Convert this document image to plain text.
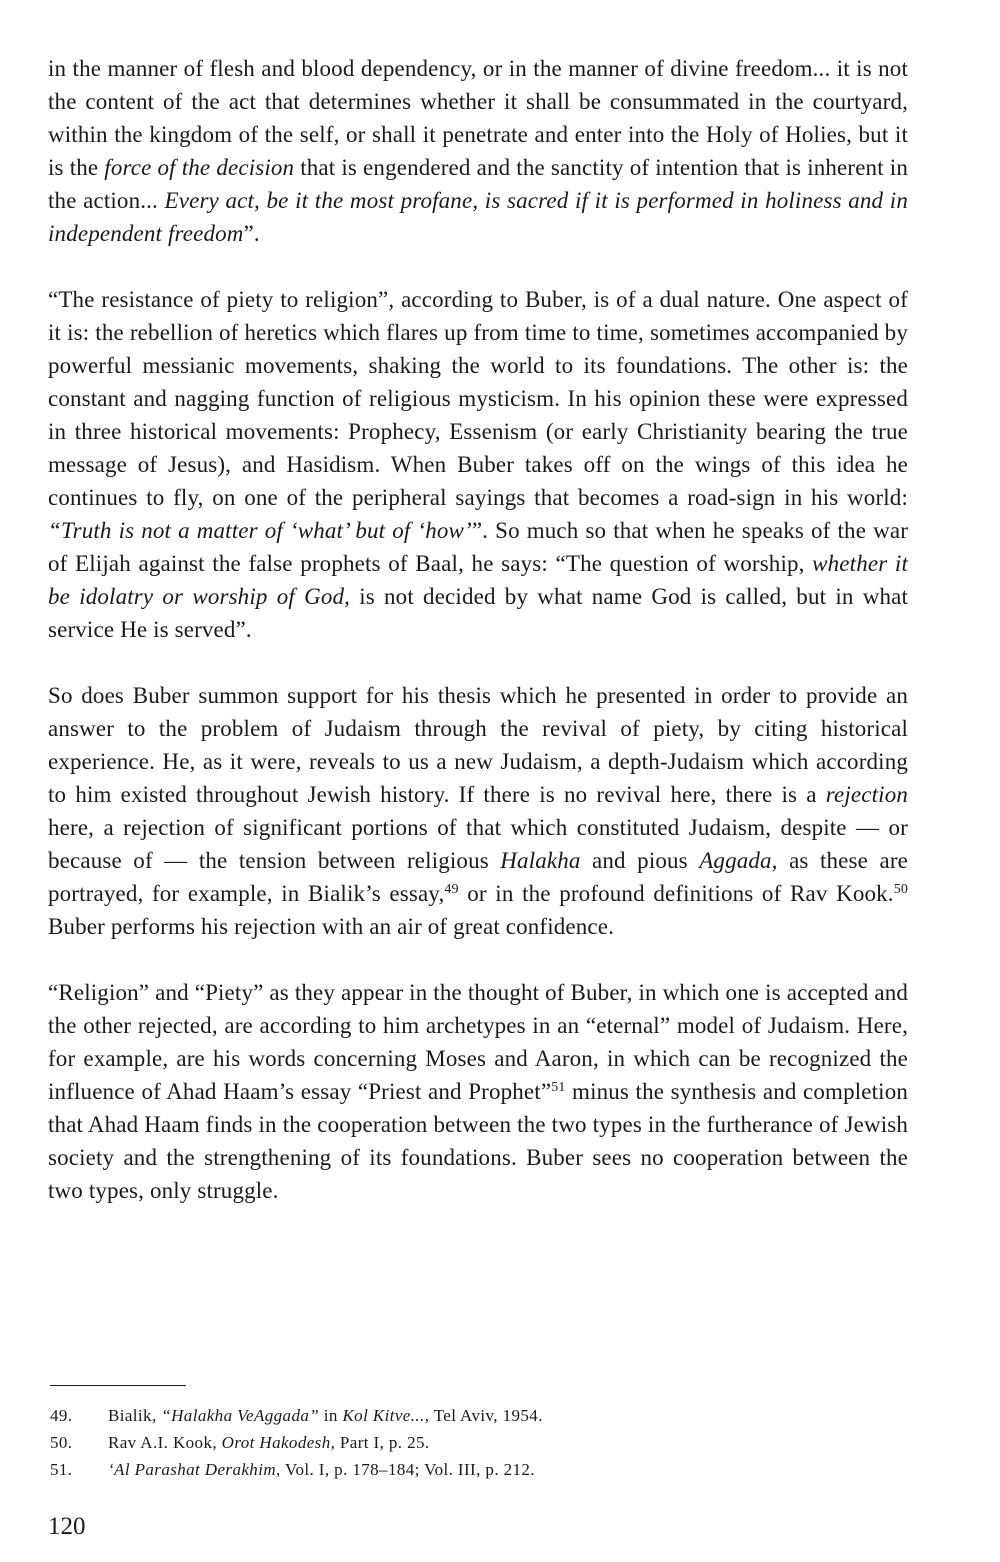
in the manner of flesh and blood dependency, or in the manner of divine freedom... it is not the content of the act that determines whether it shall be consummated in the courtyard, within the kingdom of the self, or shall it penetrate and enter into the Holy of Holies, but it is the force of the decision that is engendered and the sanctity of intention that is inherent in the action... Every act, be it the most profane, is sacred if it is performed in holiness and in independent freedom”.

“The resistance of piety to religion”, according to Buber, is of a dual nature. One aspect of it is: the rebellion of heretics which flares up from time to time, sometimes accompanied by powerful messianic movements, shaking the world to its foundations. The other is: the constant and nagging function of religious mysticism. In his opinion these were expressed in three historical movements: Prophecy, Essenism (or early Christianity bearing the true message of Jesus), and Hasidism. When Buber takes off on the wings of this idea he continues to fly, on one of the peripheral sayings that becomes a road-sign in his world: “Truth is not a matter of ‘what’ but of ‘how’”. So much so that when he speaks of the war of Elijah against the false prophets of Baal, he says: “The question of worship, whether it be idolatry or worship of God, is not decided by what name God is called, but in what service He is served”.

So does Buber summon support for his thesis which he presented in order to provide an answer to the problem of Judaism through the revival of piety, by citing historical experience. He, as it were, reveals to us a new Judaism, a depth-Judaism which according to him existed throughout Jewish history. If there is no revival here, there is a rejection here, a rejection of significant portions of that which constituted Judaism, despite — or because of — the tension between religious Halakha and pious Aggada, as these are portrayed, for example, in Bialik’s essay,$^{49}$ or in the profound definitions of Rav Kook.$^{50}$ Buber performs his rejection with an air of great confidence.

“Religion” and “Piety” as they appear in the thought of Buber, in which one is accepted and the other rejected, are according to him archetypes in an “eternal” model of Judaism. Here, for example, are his words concerning Moses and Aaron, in which can be recognized the influence of Ahad Haam’s essay “Priest and Prophet”$^{51}$ minus the synthesis and completion that Ahad Haam finds in the cooperation between the two types in the furtherance of Jewish society and the strengthening of its foundations. Buber sees no cooperation between the two types, only struggle.

49.	Bialik, “Halakha VeAggada” in Kol Kitve..., Tel Aviv, 1954.
50.	Rav A.I. Kook, Orot Hakodesh, Part I, p. 25.
51.	‘Al Parashat Derakhim, Vol. I, p. 178–184; Vol. III, p. 212.
120
